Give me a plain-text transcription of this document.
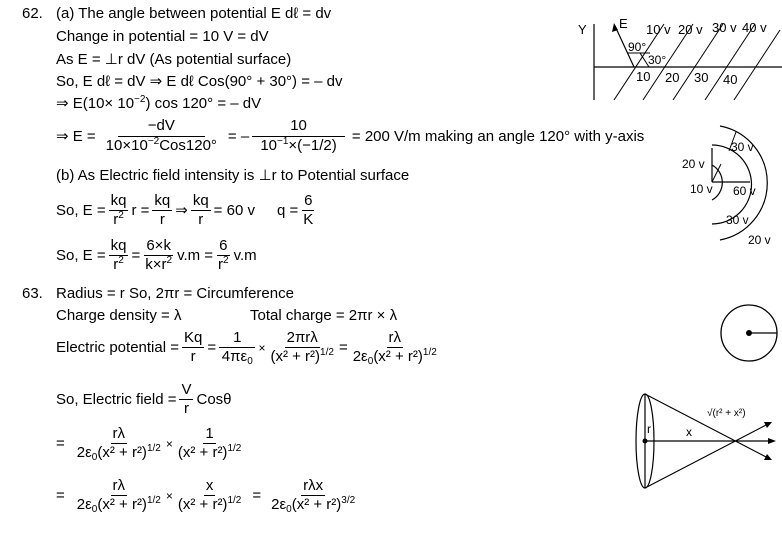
62. (a) The angle between potential E dℓ = dv
Change in potential = 10 V = dV
As E = ⊥r dV (As potential surface)
So, E dℓ = dV ⇒ E dℓ Cos(90° + 30°) = – dv
⇒ $E(10\times 10^{-2})$ cos 120° = – dV
⇒ $E = \frac{-dV}{10\times 10^{-2}Cos120^\circ}$ = – $\frac{10}{10^{-1}\times(-1/2)} = 200$ V/m making an angle 120° with y-axis
(b) As Electric field intensity is ⊥r to Potential surface
So, $E = \frac{kq}{r^2}$ $r = \frac{kq}{r}$ ⇒ $\frac{kq}{r} = 60$ v $q = \frac{6}{K}$
So, $E = \frac{kq}{r^2} = \frac{6\times k}{k\times r^2} v.m = \frac{6}{r^2} v.m$
Y E
90°
30°
10 v 20 v 30 v 40 v
10 20 30 40
30 v
20 v
10 v 60 v
30 v
20 v
63. Radius = r So, 2πr = Circumference
Charge density = λ	Total charge = 2πr × λ
Electric potential = $\frac{Kq}{r} = \frac{1}{4\pi\varepsilon_0} \times \frac{\text{2πrλ}}{(x^2 + r^2)^{1/2}} = \frac{r\lambda}{2\varepsilon_0(x^2 + r^2)^{1/2}}$
So, Electric field = $\frac{V}{r}$ Cosθ
= $\frac{r\lambda}{2\varepsilon_0(x^2 + r^2)^{1/2}} \times \frac{1}{(x^2 + r^2)^{1/2}}$
= $\frac{r\lambda}{2\varepsilon_0(x^2 + r^2)^{1/2}} \times \frac{x}{(x^2 + r^2)^{1/2}} = \frac{\text{rλx}}{2\varepsilon_0(x^2 + r^2)^{3/2}}$
r	x
√(r² + x²)
